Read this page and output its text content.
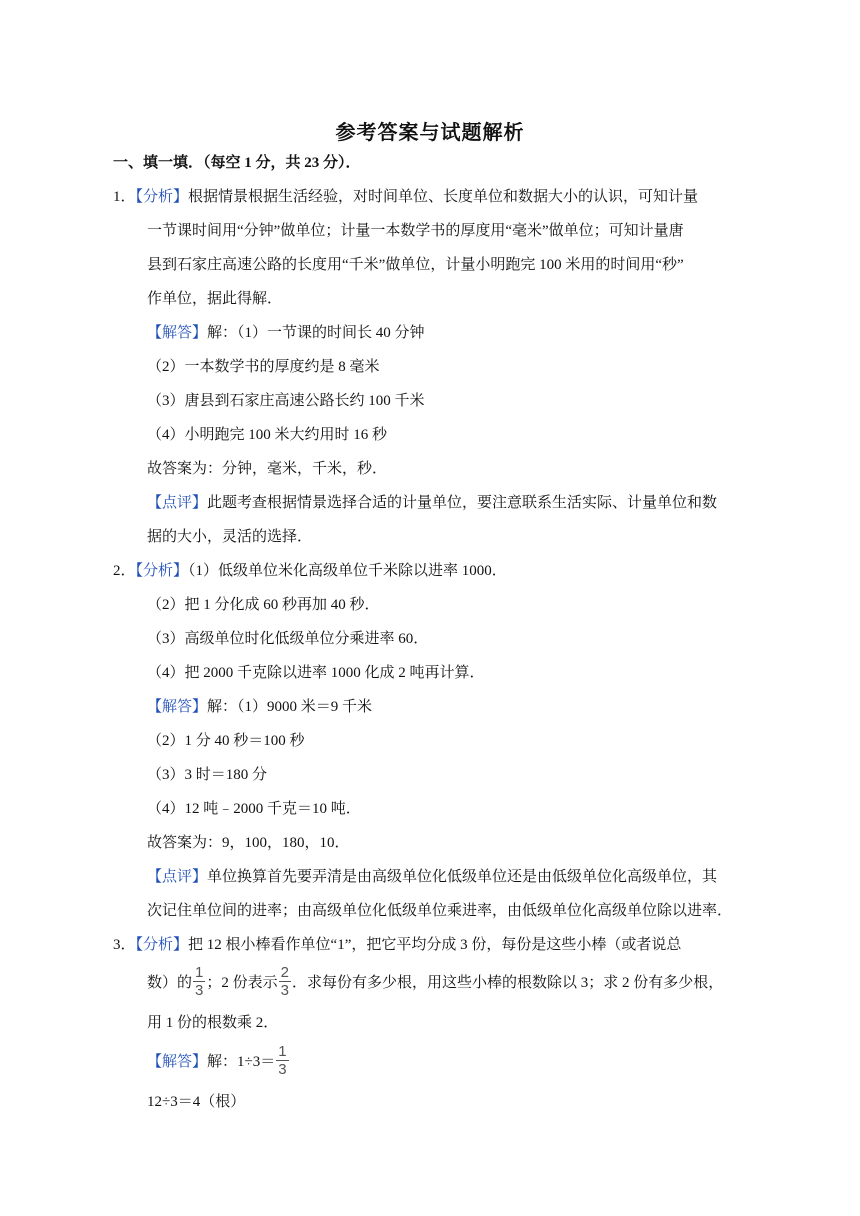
参考答案与试题解析
一、填一填．（每空 1 分，共 23 分）．
1．【分析】根据情景根据生活经验，对时间单位、长度单位和数据大小的认识，可知计量
一节课时间用“分钟”做单位；计量一本数学书的厚度用“毫米”做单位；可知计量唐
县到石家庄高速公路的长度用“千米”做单位，计量小明跑完 100 米用的时间用“秒”
作单位，据此得解．
【解答】解：（1）一节课的时间长 40 分钟
（2）一本数学书的厚度约是 8 毫米
（3）唐县到石家庄高速公路长约 100 千米
（4）小明跑完 100 米大约用时 16 秒
故答案为：分钟，毫米，千米，秒．
【点评】此题考查根据情景选择合适的计量单位，要注意联系生活实际、计量单位和数
据的大小，灵活的选择．
2．【分析】（1）低级单位米化高级单位千米除以进率 1000．
（2）把 1 分化成 60 秒再加 40 秒．
（3）高级单位时化低级单位分乘进率 60．
（4）把 2000 千克除以进率 1000 化成 2 吨再计算．
【解答】解：（1）9000 米＝9 千米
（2）1 分 40 秒＝100 秒
（3）3 时＝180 分
（4）12 吨﹣2000 千克＝10 吨．
故答案为：9，100，180，10．
【点评】单位换算首先要弄清是由高级单位化低级单位还是由低级单位化高级单位，其
次记住单位间的进率；由高级单位化低级单位乘进率，由低级单位化高级单位除以进率．
3．【分析】把 12 根小棒看作单位“1”，把它平均分成 3 份，每份是这些小棒（或者说总
数）的 $\frac{1}{3}$ ；2 份表示 $\frac{2}{3}$ ．求每份有多少根，用这些小棒的根数除以 3；求 2 份有多少根，
用 1 份的根数乘 2．
【解答】解：$1\div 3= \frac{1}{3}$
12÷3＝4（根）
